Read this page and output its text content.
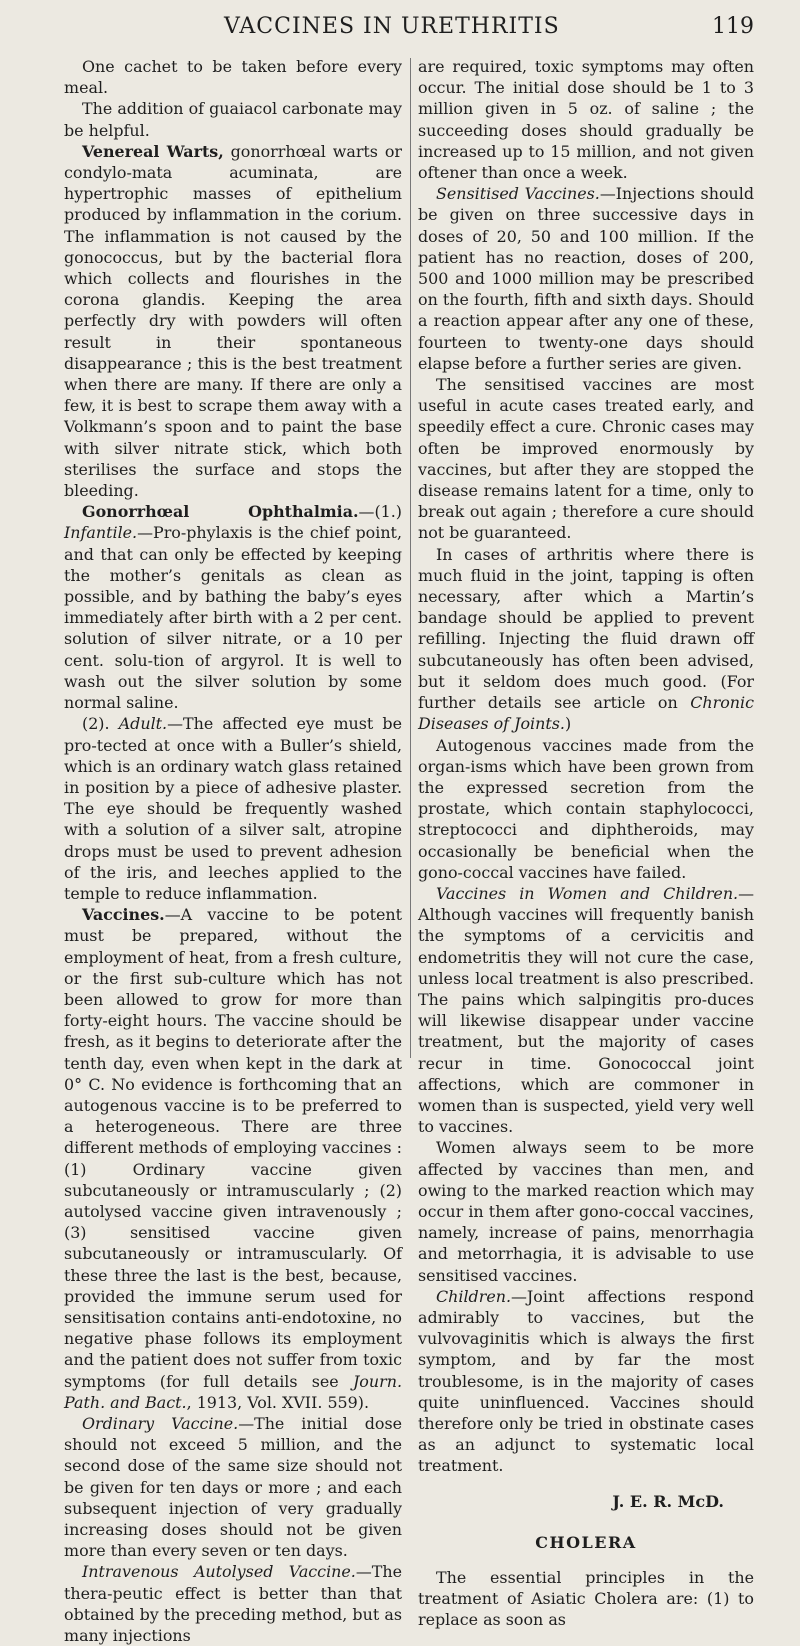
VACCINES IN URETHRITIS	119

One cachet to be taken before every meal.

The addition of guaiacol carbonate may be helpful.

Venereal Warts, gonorrhœal warts or condylo-mata acuminata, are hypertrophic masses of epithelium produced by inflammation in the corium. The inflammation is not caused by the gonococcus, but by the bacterial flora which collects and flourishes in the corona glandis. Keeping the area perfectly dry with powders will often result in their spontaneous disappearance ; this is the best treatment when there are many. If there are only a few, it is best to scrape them away with a Volkmann’s spoon and to paint the base with silver nitrate stick, which both sterilises the surface and stops the bleeding.

Gonorrhœal Ophthalmia.—(1.) Infantile.—Pro-phylaxis is the chief point, and that can only be effected by keeping the mother’s genitals as clean as possible, and by bathing the baby’s eyes immediately after birth with a 2 per cent. solution of silver nitrate, or a 10 per cent. solu-tion of argyrol. It is well to wash out the silver solution by some normal saline.

(2). Adult.—The affected eye must be pro-tected at once with a Buller’s shield, which is an ordinary watch glass retained in position by a piece of adhesive plaster. The eye should be frequently washed with a solution of a silver salt, atropine drops must be used to prevent adhesion of the iris, and leeches applied to the temple to reduce inflammation.

Vaccines.—A vaccine to be potent must be prepared, without the employment of heat, from a fresh culture, or the first sub-culture which has not been allowed to grow for more than forty-eight hours. The vaccine should be fresh, as it begins to deteriorate after the tenth day, even when kept in the dark at 0° C. No evidence is forthcoming that an autogenous vaccine is to be preferred to a heterogeneous. There are three different methods of employing vaccines : (1) Ordinary vaccine given subcutaneously or intramuscularly ; (2) autolysed vaccine given intravenously ; (3) sensitised vaccine given subcutaneously or intramuscularly. Of these three the last is the best, because, provided the immune serum used for sensitisation contains anti-endotoxine, no negative phase follows its employment and the patient does not suffer from toxic symptoms (for full details see Journ. Path. and Bact., 1913, Vol. XVII. 559).

Ordinary Vaccine.—The initial dose should not exceed 5 million, and the second dose of the same size should not be given for ten days or more ; and each subsequent injection of very gradually increasing doses should not be given more than every seven or ten days.

Intravenous Autolysed Vaccine.—The thera-peutic effect is better than that obtained by the preceding method, but as many injections

are required, toxic symptoms may often occur. The initial dose should be 1 to 3 million given in 5 oz. of saline ; the succeeding doses should gradually be increased up to 15 million, and not given oftener than once a week.

Sensitised Vaccines.—Injections should be given on three successive days in doses of 20, 50 and 100 million. If the patient has no reaction, doses of 200, 500 and 1000 million may be prescribed on the fourth, fifth and sixth days. Should a reaction appear after any one of these, fourteen to twenty-one days should elapse before a further series are given.

The sensitised vaccines are most useful in acute cases treated early, and speedily effect a cure. Chronic cases may often be improved enormously by vaccines, but after they are stopped the disease remains latent for a time, only to break out again ; therefore a cure should not be guaranteed.

In cases of arthritis where there is much fluid in the joint, tapping is often necessary, after which a Martin’s bandage should be applied to prevent refilling. Injecting the fluid drawn off subcutaneously has often been advised, but it seldom does much good. (For further details see article on Chronic Diseases of Joints.)

Autogenous vaccines made from the organ-isms which have been grown from the expressed secretion from the prostate, which contain staphylococci, streptococci and diphtheroids, may occasionally be beneficial when the gono-coccal vaccines have failed.

Vaccines in Women and Children.—Although vaccines will frequently banish the symptoms of a cervicitis and endometritis they will not cure the case, unless local treatment is also prescribed. The pains which salpingitis pro-duces will likewise disappear under vaccine treatment, but the majority of cases recur in time. Gonococcal joint affections, which are commoner in women than is suspected, yield very well to vaccines.

Women always seem to be more affected by vaccines than men, and owing to the marked reaction which may occur in them after gono-coccal vaccines, namely, increase of pains, menorrhagia and metorrhagia, it is advisable to use sensitised vaccines.

Children.—Joint affections respond admirably to vaccines, but the vulvovaginitis which is always the first symptom, and by far the most troublesome, is in the majority of cases quite uninfluenced. Vaccines should therefore only be tried in obstinate cases as an adjunct to systematic local treatment.

J. E. R. McD.
CHOLERA

The essential principles in the treatment of Asiatic Cholera are: (1) to replace as soon as
